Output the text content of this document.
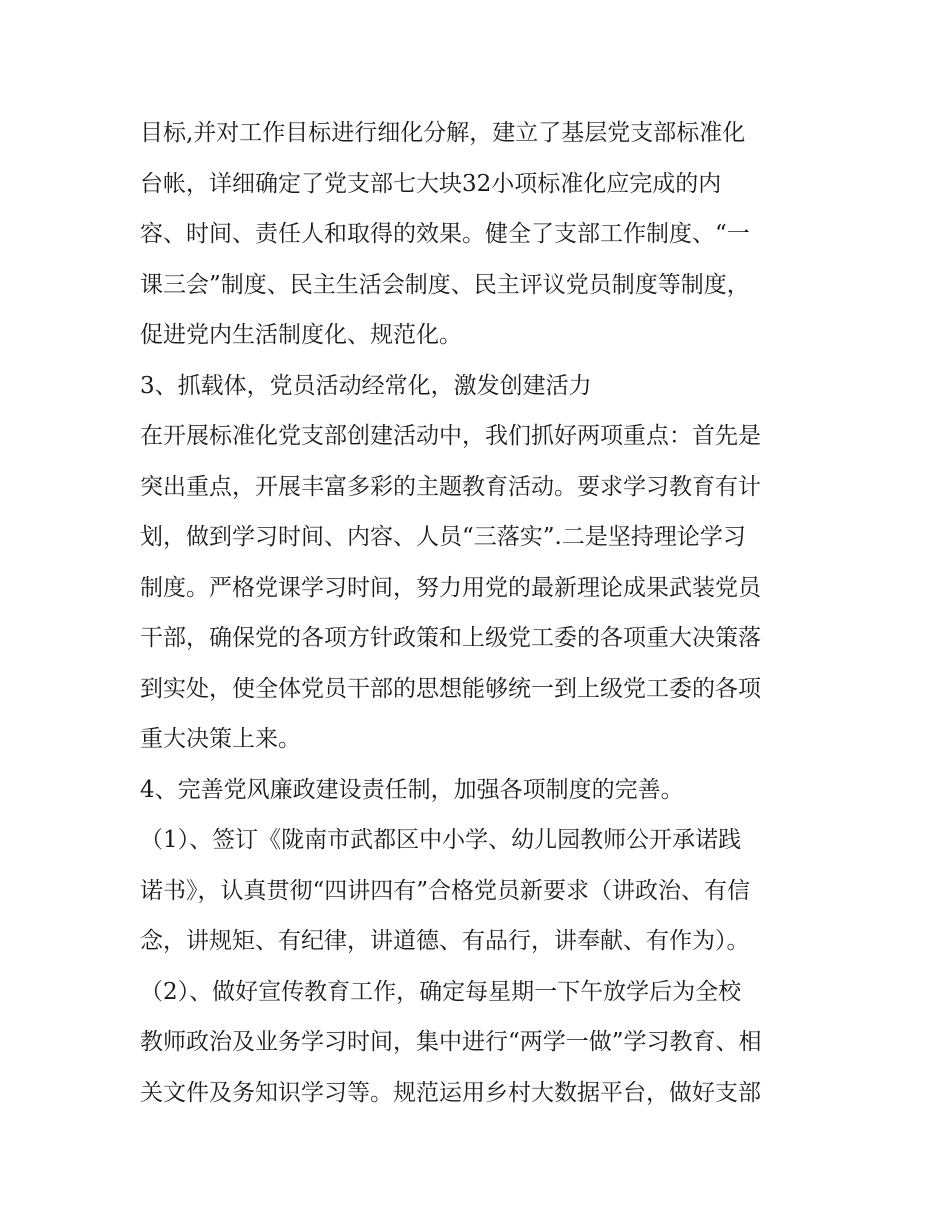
目标,并对工作目标进行细化分解，建立了基层党支部标准化
台帐，详细确定了党支部七大块32小项标准化应完成的内
容、时间、责任人和取得的效果。健全了支部工作制度、“一
课三会”制度、民主生活会制度、民主评议党员制度等制度，
促进党内生活制度化、规范化。
3、抓载体，党员活动经常化，激发创建活力
在开展标准化党支部创建活动中，我们抓好两项重点：首先是
突出重点，开展丰富多彩的主题教育活动。要求学习教育有计
划，做到学习时间、内容、人员“三落实”.二是坚持理论学习
制度。严格党课学习时间，努力用党的最新理论成果武装党员
干部，确保党的各项方针政策和上级党工委的各项重大决策落
到实处，使全体党员干部的思想能够统一到上级党工委的各项
重大决策上来。
4、完善党风廉政建设责任制，加强各项制度的完善。
（1）、签订《陇南市武都区中小学、幼儿园教师公开承诺践
诺书》，认真贯彻“四讲四有”合格党员新要求（讲政治、有信
念，讲规矩、有纪律，讲道德、有品行，讲奉献、有作为）。
（2）、做好宣传教育工作，确定每星期一下午放学后为全校
教师政治及业务学习时间，集中进行“两学一做”学习教育、相
关文件及务知识学习等。规范运用乡村大数据平台，做好支部
